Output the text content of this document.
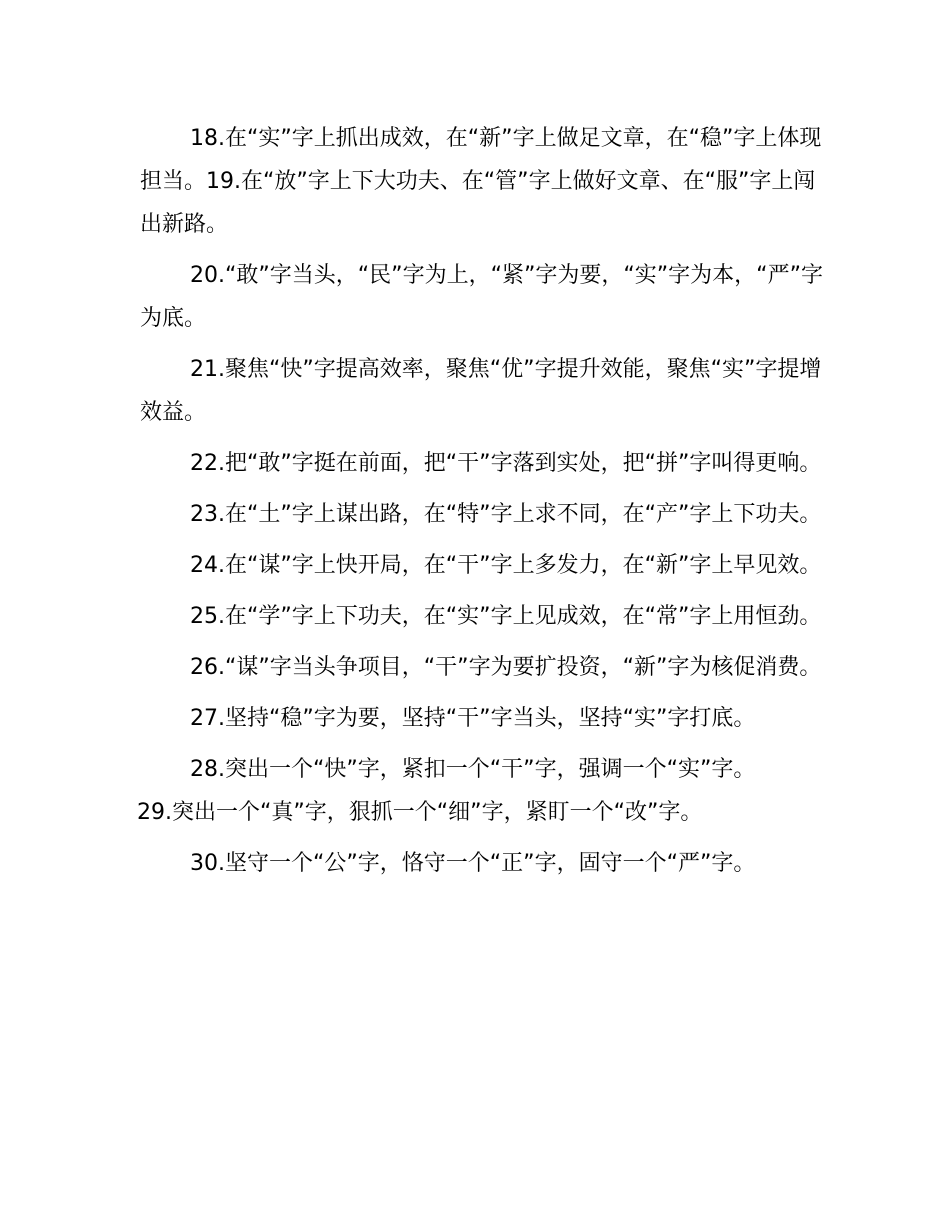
18.在“实”字上抓出成效，在“新”字上做足文章，在“稳”字上体现担当。19.在“放”字上下大功夫、在“管”字上做好文章、在“服”字上闯出新路。

20.“敢”字当头，“民”字为上，“紧”字为要，“实”字为本，“严”字为底。

21.聚焦“快”字提高效率，聚焦“优”字提升效能，聚焦“实”字提增效益。

22.把“敢”字挺在前面，把“干”字落到实处，把“拼”字叫得更响。

23.在“土”字上谋出路，在“特”字上求不同，在“产”字上下功夫。

24.在“谋”字上快开局，在“干”字上多发力，在“新”字上早见效。

25.在“学”字上下功夫，在“实”字上见成效，在“常”字上用恒劲。

26.“谋”字当头争项目，“干”字为要扩投资，“新”字为核促消费。

27.坚持“稳”字为要，坚持“干”字当头，坚持“实”字打底。

28.突出一个“快”字，紧扣一个“干”字，强调一个“实”字。

29.突出一个“真”字，狠抓一个“细”字，紧盯一个“改”字。

30.坚守一个“公”字，恪守一个“正”字，固守一个“严”字。
